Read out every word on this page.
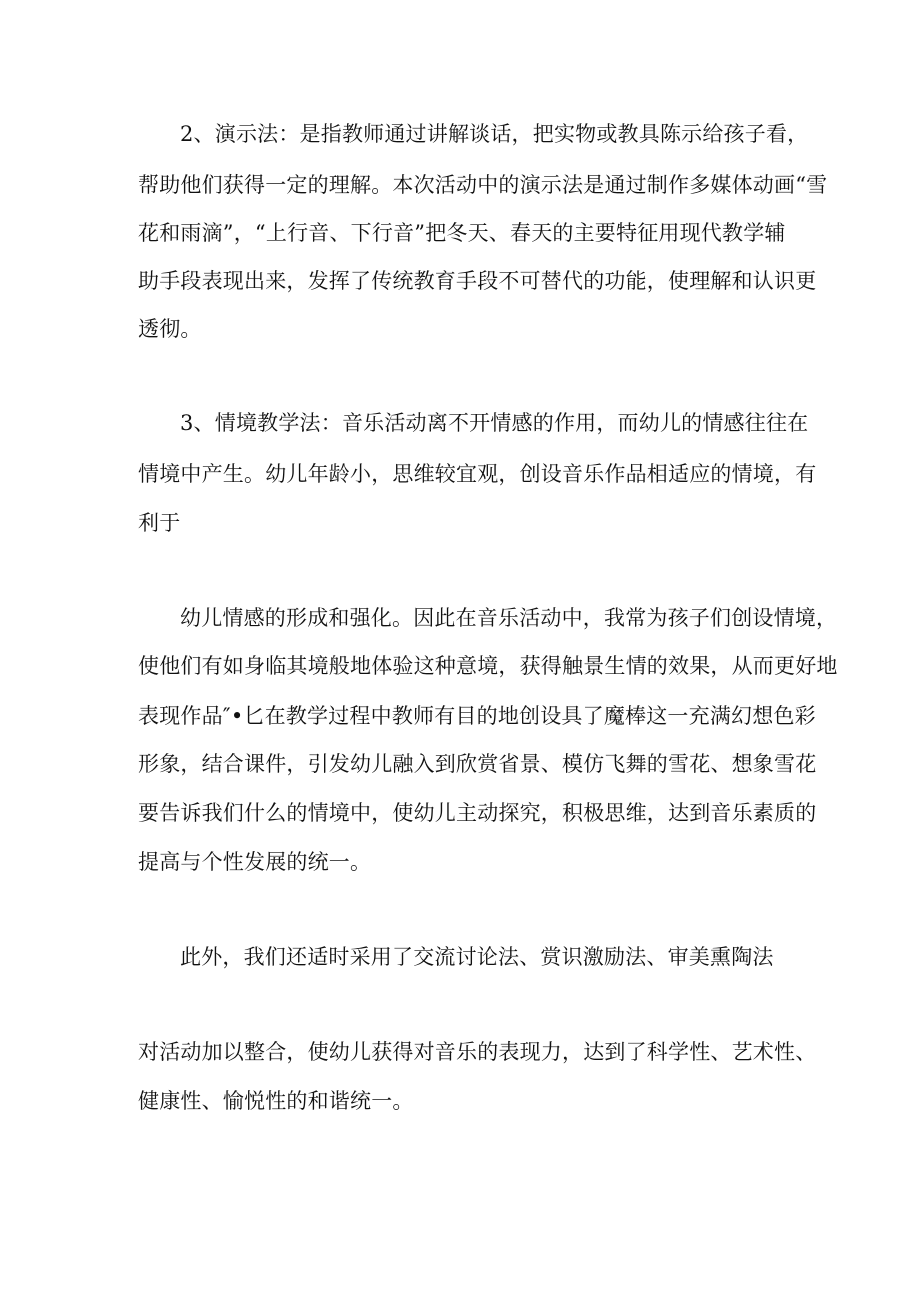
2、演示法：是指教师通过讲解谈话，把实物或教具陈示给孩子看，
帮助他们获得一定的理解。本次活动中的演示法是通过制作多媒体动画“雪
花和雨滴”，“上行音、下行音”把冬天、春天的主要特征用现代教学辅
助手段表现出来，发挥了传统教育手段不可替代的功能，使理解和认识更
透彻。
3、情境教学法：音乐活动离不开情感的作用，而幼儿的情感往往在
情境中产生。幼儿年龄小，思维较宜观，创设音乐作品相适应的情境，有
利于
幼儿情感的形成和强化。因此在音乐活动中，我常为孩子们创设情境，
使他们有如身临其境般地体验这种意境，获得触景生情的效果，从而更好地
表现作品″•匕在教学过程中教师有目的地创设具了魔棒这一充满幻想色彩
形象，结合课件，引发幼儿融入到欣赏省景、模仿飞舞的雪花、想象雪花
要告诉我们什么的情境中，使幼儿主动探究，积极思维，达到音乐素质的
提高与个性发展的统一。
此外，我们还适时采用了交流讨论法、赏识激励法、审美熏陶法
对活动加以整合，使幼儿获得对音乐的表现力，达到了科学性、艺术性、
健康性、愉悦性的和谐统一。
